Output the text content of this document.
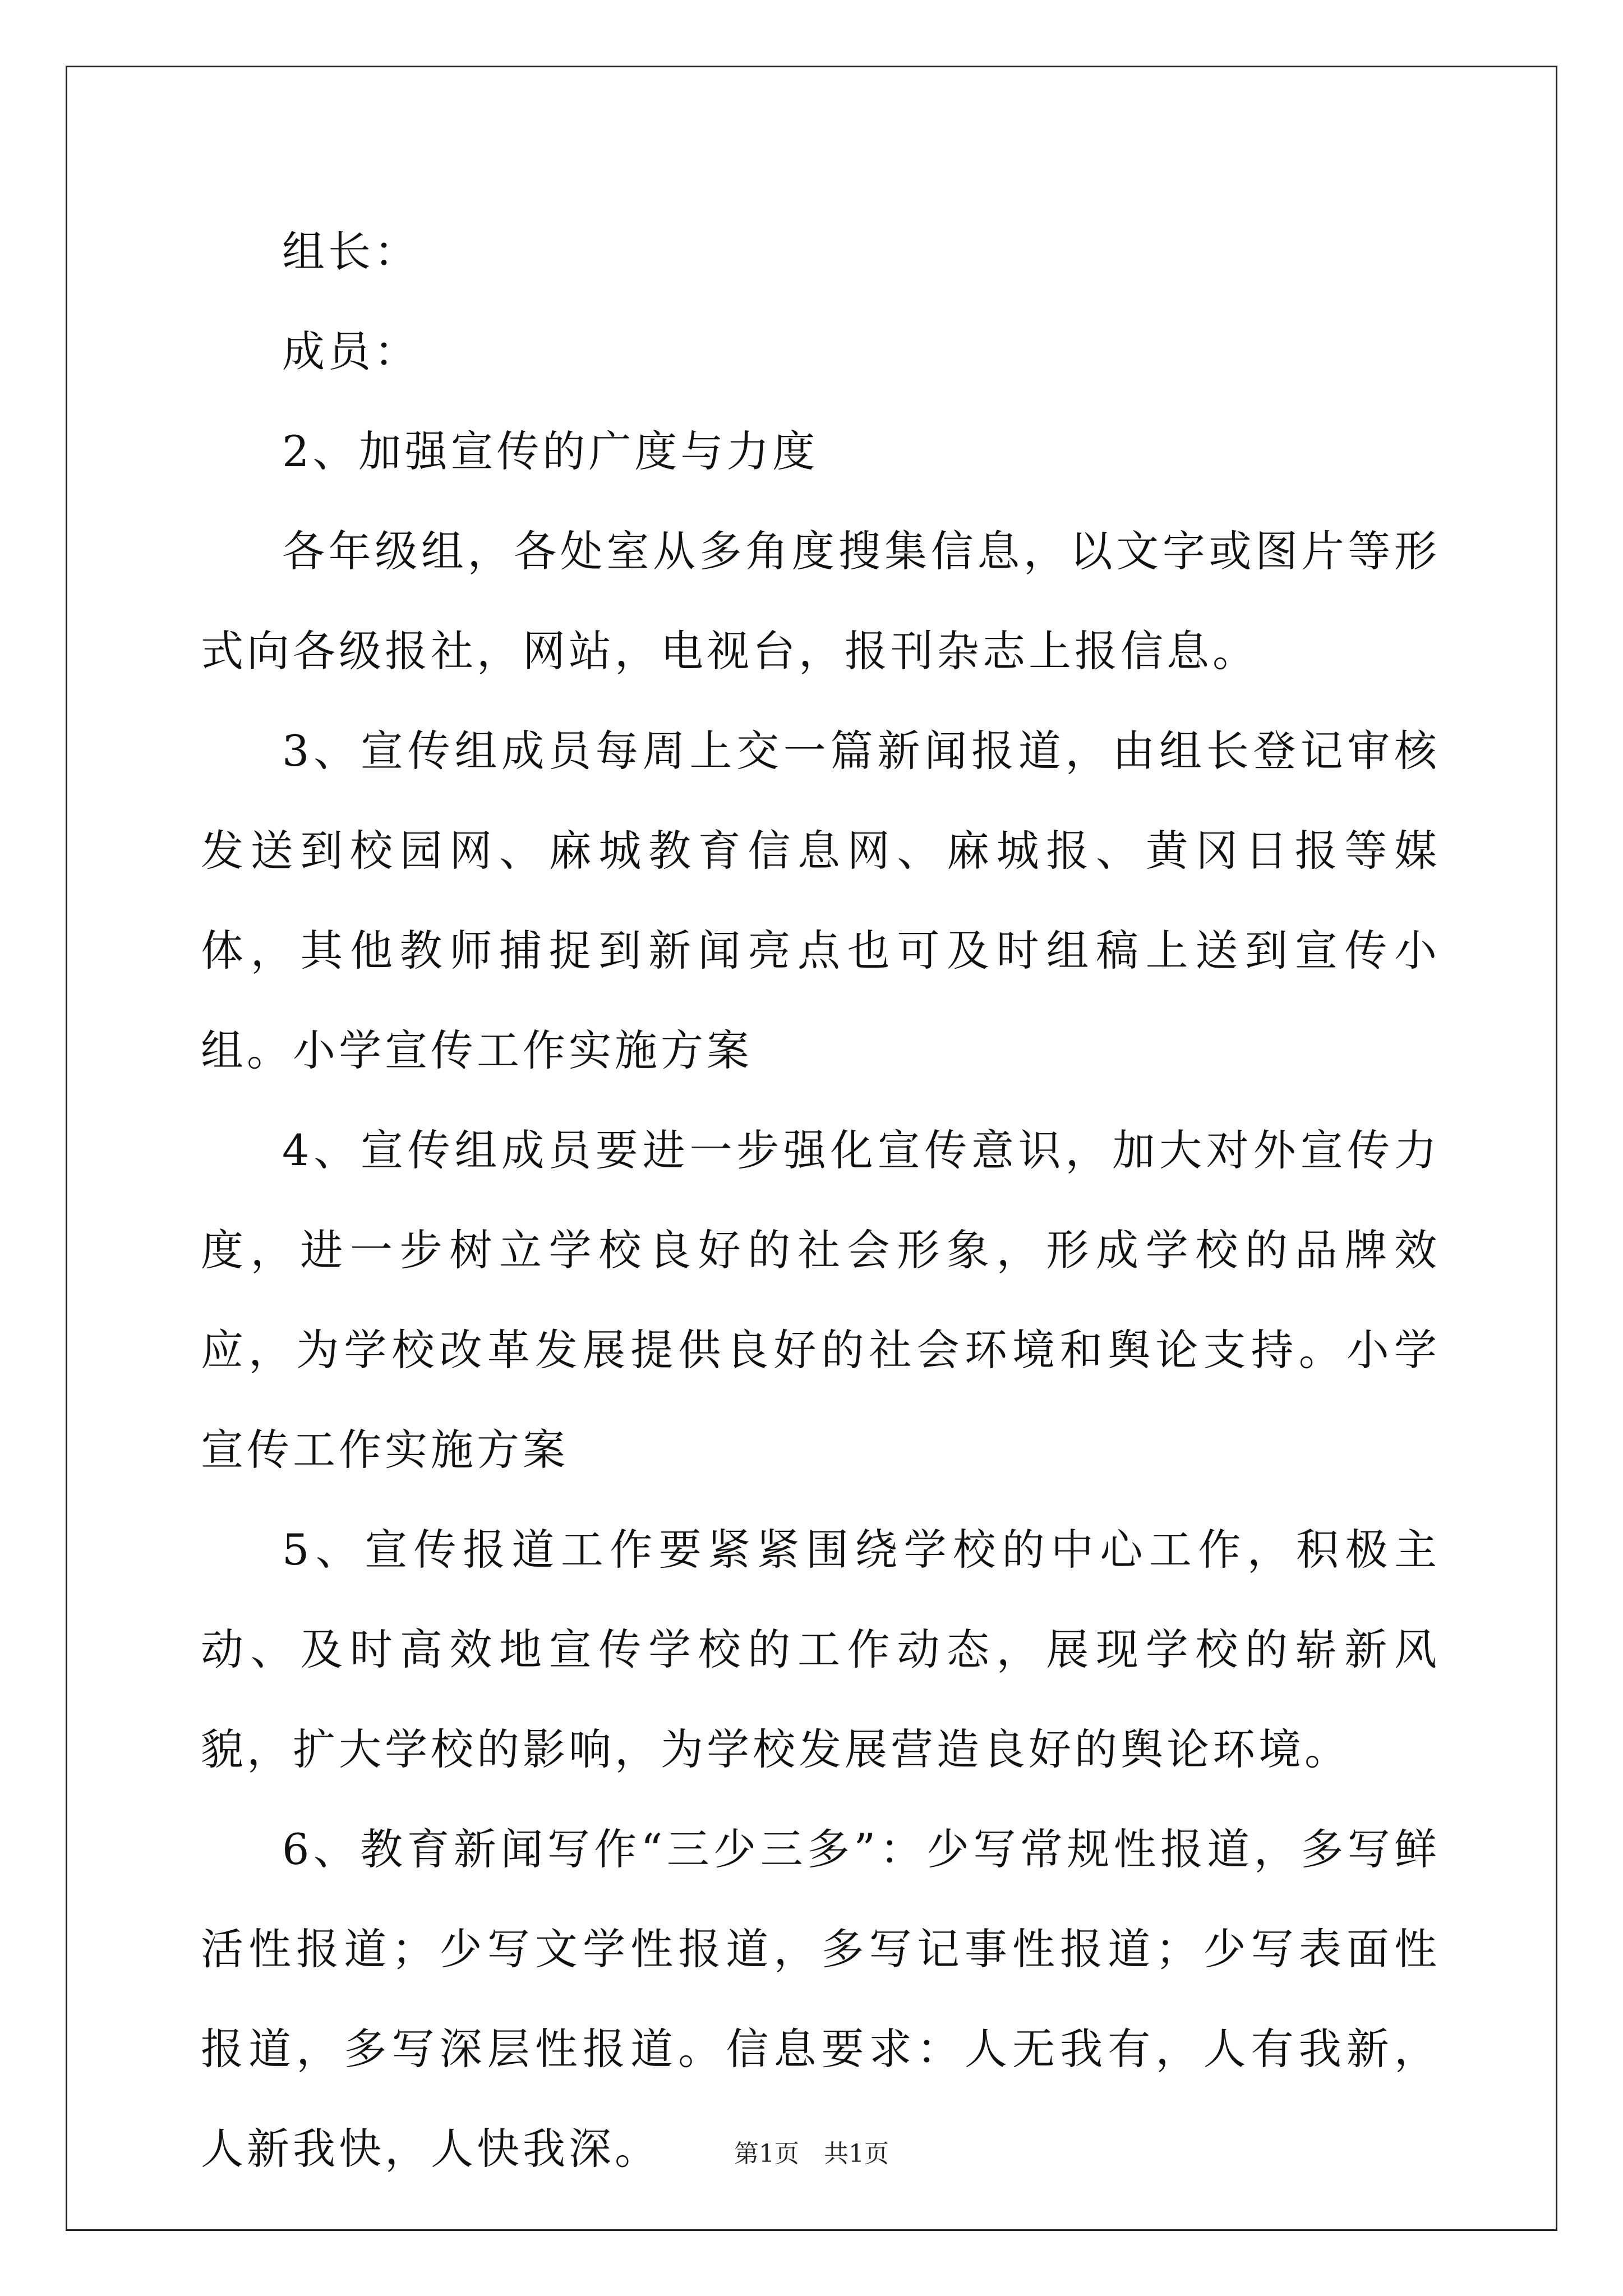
组长：

成员：

2、加强宣传的广度与力度

各年级组，各处室从多角度搜集信息，以文字或图片等形式向各级报社，网站，电视台，报刊杂志上报信息。

3、宣传组成员每周上交一篇新闻报道，由组长登记审核发送到校园网、麻城教育信息网、麻城报、黄冈日报等媒体，其他教师捕捉到新闻亮点也可及时组稿上送到宣传小组。小学宣传工作实施方案

4、宣传组成员要进一步强化宣传意识，加大对外宣传力度，进一步树立学校良好的社会形象，形成学校的品牌效应，为学校改革发展提供良好的社会环境和舆论支持。小学宣传工作实施方案

5、宣传报道工作要紧紧围绕学校的中心工作，积极主动、及时高效地宣传学校的工作动态，展现学校的崭新风貌，扩大学校的影响，为学校发展营造良好的舆论环境。

6、教育新闻写作“三少三多”：少写常规性报道，多写鲜活性报道；少写文学性报道，多写记事性报道；少写表面性报道，多写深层性报道。信息要求：人无我有，人有我新，人新我快，人快我深。	第1页　共1页
